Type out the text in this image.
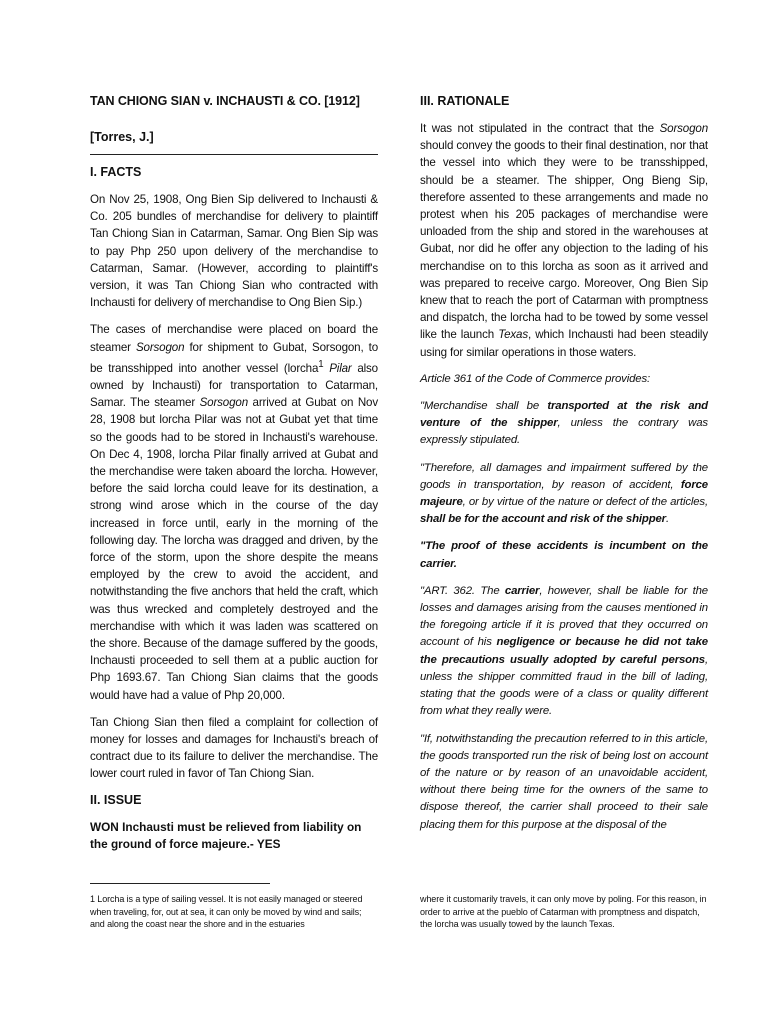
TAN CHIONG SIAN v. INCHAUSTI & CO. [1912]
[Torres, J.]
I. FACTS

On Nov 25, 1908, Ong Bien Sip delivered to Inchausti & Co. 205 bundles of merchandise for delivery to plaintiff Tan Chiong Sian in Catarman, Samar. Ong Bien Sip was to pay Php 250 upon delivery of the merchandise to Catarman, Samar. (However, according to plaintiff's version, it was Tan Chiong Sian who contracted with Inchausti for delivery of merchandise to Ong Bien Sip.)

The cases of merchandise were placed on board the steamer Sorsogon for shipment to Gubat, Sorsogon, to be transshipped into another vessel (lorcha$^1$ Pilar also owned by Inchausti) for transportation to Catarman, Samar. The steamer Sorsogon arrived at Gubat on Nov 28, 1908 but lorcha Pilar was not at Gubat yet that time so the goods had to be stored in Inchausti's warehouse. On Dec 4, 1908, lorcha Pilar finally arrived at Gubat and the merchandise were taken aboard the lorcha. However, before the said lorcha could leave for its destination, a strong wind arose which in the course of the day increased in force until, early in the morning of the following day. The lorcha was dragged and driven, by the force of the storm, upon the shore despite the means employed by the crew to avoid the accident, and notwithstanding the five anchors that held the craft, which was thus wrecked and completely destroyed and the merchandise with which it was laden was scattered on the shore. Because of the damage suffered by the goods, Inchausti proceeded to sell them at a public auction for Php 1693.67. Tan Chiong Sian claims that the goods would have had a value of Php 20,000.

Tan Chiong Sian then filed a complaint for collection of money for losses and damages for Inchausti's breach of contract due to its failure to deliver the merchandise. The lower court ruled in favor of Tan Chiong Sian.

II. ISSUE

WON Inchausti must be relieved from liability on the ground of force majeure.- YES

III. RATIONALE

It was not stipulated in the contract that the Sorsogon should convey the goods to their final destination, nor that the vessel into which they were to be transshipped, should be a steamer. The shipper, Ong Bieng Sip, therefore assented to these arrangements and made no protest when his 205 packages of merchandise were unloaded from the ship and stored in the warehouses at Gubat, nor did he offer any objection to the lading of his merchandise on to this lorcha as soon as it arrived and was prepared to receive cargo. Moreover, Ong Bien Sip knew that to reach the port of Catarman with promptness and dispatch, the lorcha had to be towed by some vessel like the launch Texas, which Inchausti had been steadily using for similar operations in those waters.

Article 361 of the Code of Commerce provides:

"Merchandise shall be transported at the risk and venture of the shipper, unless the contrary was expressly stipulated.

"Therefore, all damages and impairment suffered by the goods in transportation, by reason of accident, force majeure, or by virtue of the nature or defect of the articles, shall be for the account and risk of the shipper.

"The proof of these accidents is incumbent on the carrier.

"ART. 362. The carrier, however, shall be liable for the losses and damages arising from the causes mentioned in the foregoing article if it is proved that they occurred on account of his negligence or because he did not take the precautions usually adopted by careful persons, unless the shipper committed fraud in the bill of lading, stating that the goods were of a class or quality different from what they really were.

"If, notwithstanding the precaution referred to in this article, the goods transported run the risk of being lost on account of the nature or by reason of an unavoidable accident, without there being time for the owners of the same to dispose thereof, the carrier shall proceed to their sale placing them for this purpose at the disposal of the

1 Lorcha is a type of sailing vessel. It is not easily managed or steered when traveling, for, out at sea, it can only be moved by wind and sails; and along the coast near the shore and in the estuaries
where it customarily travels, it can only move by poling. For this reason, in order to arrive at the pueblo of Catarman with promptness and dispatch, the lorcha was usually towed by the launch Texas.
